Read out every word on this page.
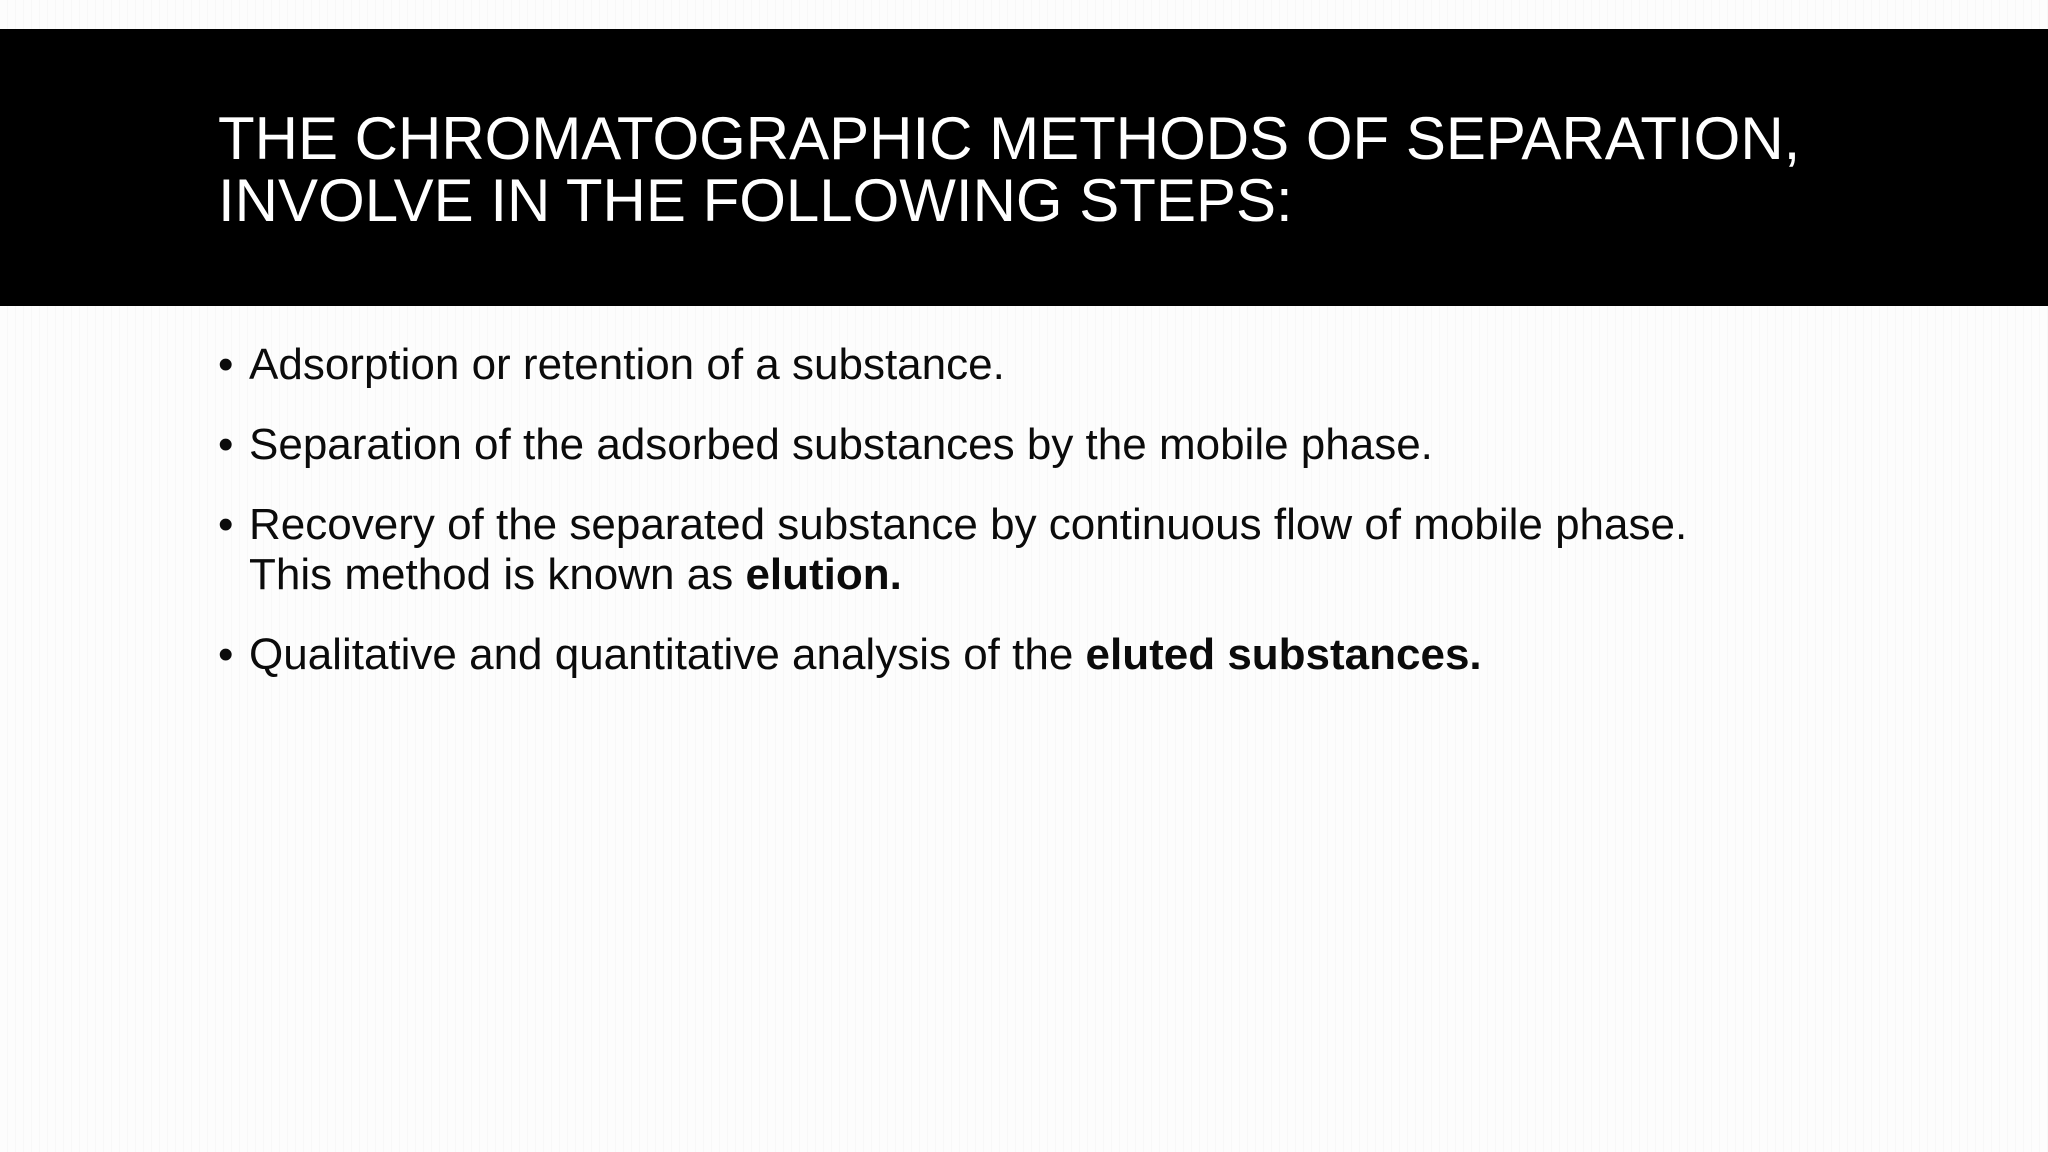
THE CHROMATOGRAPHIC METHODS OF SEPARATION,
INVOLVE IN THE FOLLOWING STEPS:
• Adsorption or retention of a substance.
• Separation of the adsorbed substances by the mobile phase.
• Recovery of the separated substance by continuous flow of mobile phase.
This method is known as elution.
• Qualitative and quantitative analysis of the eluted substances.
